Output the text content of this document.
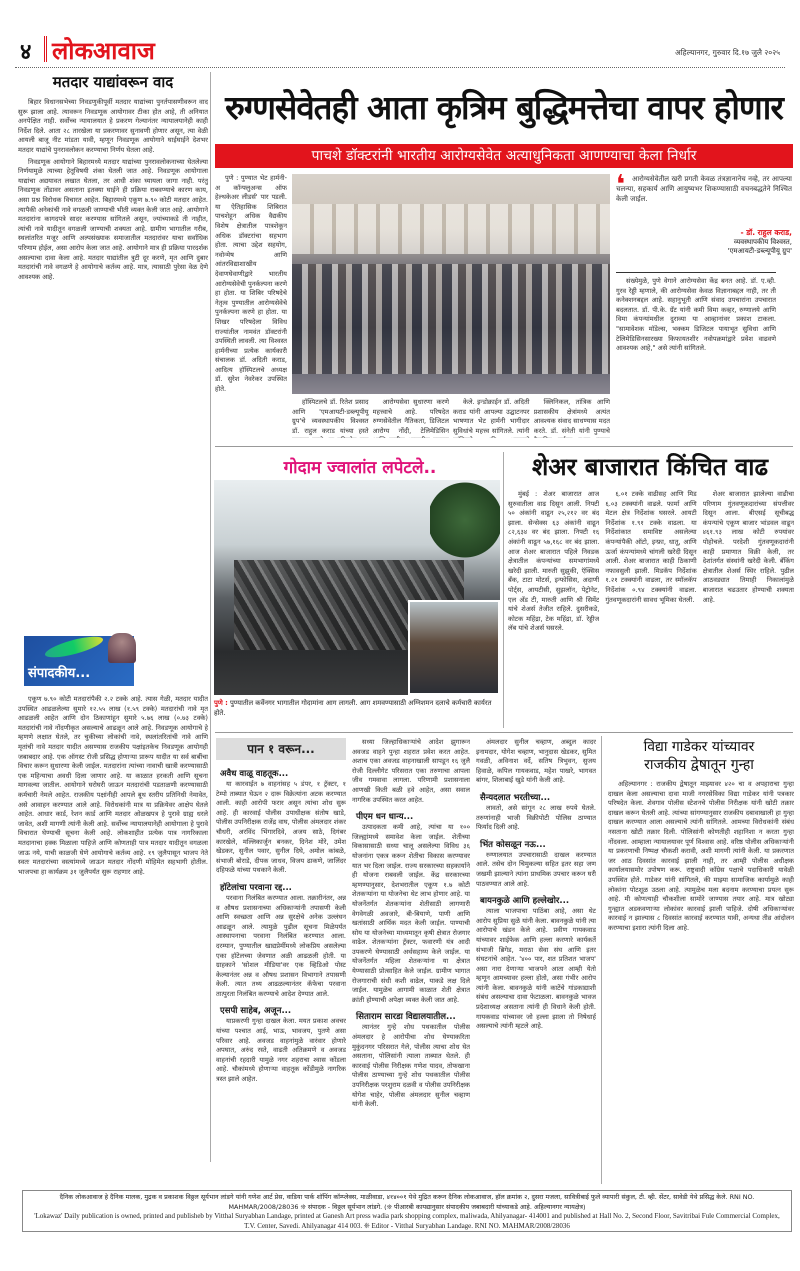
४ लोकआवाज	अहिल्यानगर, गुरुवार दि.१७ जुलै २०२५
मतदार याद्यांवरून वाद

बिहार विधानसभेच्या निवडणुकीपूर्वी मतदार याद्यांच्या पुनर्तपासणीवरून वाद सुरू झाला आहे. त्यावरून निवडणूक आयोगावर टीका होत आहे, ती अनियात अनपेक्षित नाही. सर्वोच्च न्यायालयात हे प्रकरण गेल्यानंतर न्यायालयानेही काही निर्देश दिले. आता २८ तारखेला या प्रकरणावर सुनावणी होणार असून, त्या वेळी आयली बाजू नीट मांडता यावी, म्हणून निवडणूक आयोगाने घाईघाईने देशभर मतदार याद्यांचे पुनरावलोकन करण्याचा निर्णय घेतला आहे.

निवडणूक आयोगाने बिहारमध्ये मतदार याद्यांच्या पुनरावलोकनाच्या घेतलेल्या निर्णयामुळे त्याच्या हेतूविषयी शंका घेतली जात आहे. निवडणूक आयोगाला याद्यांचा अद्ययावत लखात घेतला, तर आधी शंका घ्यायला जागा नाही. परंतु निवडणूक तोंडावर असताना इतक्या घाईने ही प्रक्रिया राबवण्याचे कारण काय, असा प्रश्न विरोधक विचारत आहेत. बिहारमध्ये एकूण ७.९० कोटी मतदार आहेत. त्यापैकी अनेकांची नावे वगळली जाण्याची भीती व्यक्त केली जात आहे. आयोगाने मतदारांना कागदपत्रे सादर करण्यास सांगितले असून, ज्यांच्याकडे ती नाहीत, त्यांची नावे यादीतून वगळली जाण्याची शक्यता आहे. ग्रामीण भागातील गरीब, स्थलांतरित मजूर आणि अल्पसंख्याक समाजातील मतदारांवर याचा सर्वाधिक परिणाम होईल, असा आरोप केला जात आहे. आयोगाने मात्र ही प्रक्रिया पारदर्शक असल्याचा दावा केला आहे. मतदार याद्यांतील त्रुटी दूर करणे, मृत आणि दुबार मतदारांची नावे वगळणे हे आयोगाचे कर्तव्य आहे. मात्र, त्यासाठी पुरेसा वेळ देणे आवश्यक आहे.

संपादकीय...

एकूण ७.९० कोटी मतदारांपैकी २.२ टक्के आहे. त्यास गेळी, मतदार यादीत उपस्थित आढळलेल्या सुमारे १२.५५ लाख (१.५९ टक्के) मतदारांची नावे मृत आढळली आहेत आणि दोन ठिकाणांहून सुमारे ५.७६ लाख (०.७३ टक्के) मतदारांची नावे नोंदणीकृत असल्याचे आढळून आले आहे. निवडणूक आयोगाचे हे म्हणणे लक्षात घेतले, तर चुकीच्या लोकांची नावे, स्थलांतरितांची नावे आणि मृतांची नावे मतदार यादीत असण्यास राजकीय पक्षांइतकेच निवडणूक आयोगही जबाबदार आहे. एक ऑगस्ट रोजी प्रसिद्ध होणाऱ्या प्रारूप यादीत या सर्व बाबींचा विचार करून सुधारणा केली जाईल. मतदारांना त्यांच्या नावाची खात्री करण्यासाठी एक महिन्याचा अवधी दिला जाणार आहे. या काळात हरकती आणि सूचना मागवल्या जातील. आयोगाने घरोघरी जाऊन मतदारांची पडताळणी करण्यासाठी कर्मचारी नेमले आहेत. राजकीय पक्षांनीही आपले बूथ स्तरीय प्रतिनिधी नेमावेत, असे आवाहन करण्यात आले आहे. विरोधकांनी मात्र या प्रक्रियेवर आक्षेप घेतले आहेत. आधार कार्ड, रेशन कार्ड आणि मतदार ओळखपत्र हे पुरावे ग्राह्य धरले जावेत, अशी मागणी त्यांनी केली आहे. सर्वोच्च न्यायालयानेही आयोगाला हे पुरावे विचारात घेण्याची सूचना केली आहे. लोकशाहीत प्रत्येक पात्र नागरिकाला मतदानाचा हक्क मिळाला पाहिजे आणि कोणताही पात्र मतदार यादीतून वगळला जाऊ नये, याची काळजी घेणे आयोगाचे कर्तव्य आहे. १९ जुलैपासून भाजप नेते स्वतः मतदारांच्या वस्त्यांमध्ये जाऊन मतदार नोंदणी मोहिमेत सहभागी होतील. भाजपचा हा कार्यक्रम ३१ जुलैपर्यंत सुरू राहणार आहे.

रुग्णसेवेतही आता कृत्रिम बुद्धिमत्तेचा वापर होणार
पाचशे डॉक्टरांनी भारतीय आरोग्यसेवेत अत्याधुनिकता आणण्याचा केला निर्धार

पुणे : पुण्यात भेट हार्मनी-अ कॉन्फ्लुअन्स ऑफ हेल्थकेअर लीडर्स' पार पडली. या ऐतिहासिक शिबिरात पाचशेहून अधिक वैद्यकीय विशेष क्षेत्रातील पात्रशेकून अधिक डॉक्टरांचा सहभाग होता. त्याचा उद्देश सहयोग, नवोन्मेष आणि आंतरविद्याशाखीय देवाणघेवाणीद्वारे भारतीय आरोग्यसेवेची पुनर्कल्पना करणे हा होता. या शिबिर परिषदेचे नेतृत्व पुण्यातील आरोग्यसेवेचे पुनर्कल्पना करणे हा होता. या शिखर परिषदेला विविध राज्यांतील नामवंत डॉक्टरांनी उपस्थिती लावली. त्या विश्वस्त हार्मनीच्या प्रत्येक कार्यकारी संचालक डॉ. अदिती कराड, आदित्य हॉस्पिटलचे अध्यक्ष डॉ. सुरेश नेवरेकर उपस्थित होते.

हॉस्पिटलचे डॉ. रितेश प्रसाद आणि 'एमआयटी-डब्ल्यूपीयू ग्रुप'चे व्यवस्थापकीय विश्वस्त डॉ. राहुल कराड यांच्या हस्ते

आरोग्यसेवा सुधारणा करणे महत्त्वाचे आहे. परिषदेत रुग्णसेवेतील नैतिकता, डिजिटल आरोग्य नोंदी, टेलिमेडिसिन

केले. इन्डोक्राईन डॉ. अदिती कराड यांनी आपल्या उद्घाटनपर भाषणात भेट हार्मनी भागीदार सुविधांचे महत्त्व सांगितले. त्यांनी

क्लिनिकल, तांत्रिक आणि प्रशासकीय क्षेत्रांमध्ये अत्यंत आवश्यक संवाद साधण्यास मदत करते. डॉ. संनेती यांनी पुण्याचे

❛ आरोग्यसेवेतील खरी प्रगती केवळ तंत्रज्ञानानेच नव्हे, तर आपल्या चलन्या, सहकार्य आणि आयुष्यभर शिकण्यासाठी वचनबद्धतेने निश्चित केली जाईल.
- डॉ. राहुल कराड,
व्यवस्थापकीय विश्वस्त,
'एमआयटी-डब्ल्यूपीयू ग्रुप'

संख्येमुळे, पुणे वेगाने आरोग्यसेवा केंद्र बनत आहे. डॉ. ए.व्ही. गुरव रेड्डी म्हणाले, की आरोग्यसेवा केवळ विज्ञानाबद्दल नाही, तर ती कनेक्शनबद्दल आहे. सहानुभूती आणि संवाद उपचारांना उपचारात बदलतात. डॉ. पी.के. ग्रँट यांनी कमी विमा कव्हर, रुग्णालये आणि विमा कंपन्यांमधील दुराव्या या आव्हानांवर प्रकाश टाकला. "सामावेशक मॉडेल्स, भक्कम डिजिटल पायाभूत सुविधा आणि टेलिमेडिसिनसारख्या किफायतशीर नवोपक्रमांद्वारे प्रवेश वाढवणे आवश्यक आहे," असे त्यांनी सांगितले.

गोदाम ज्वालांत लपेटले..
पुणे : पुण्यातील कर्वेनगर भागातील गोदामांना आग लागली. आग शमवण्यासाठी अग्निशमन दलाचे कर्मचारी कार्यरत होते.
शेअर बाजारात किंचित वाढ

मुंबई : शेअर बाजारात आज सुरुवातीला वाढ दिसून आली. निफ्टी ५० अंकांनी वाढून २५,२१२ वर बंद झाला. सेन्सेक्स ६३ अंकांनी वाढून ८२,६३४ वर बंद झाला. निफ्टी १६ अंकांनी वाढून ५७,१६८ वर बंद झाला. आज शेअर बाजारात पहिले निवडक क्षेत्रातील कंपन्यांच्या समभागांमध्ये खरेदी झाली. मारुती सुझुकी, ऍक्सिस बँक, टाटा मोटर्स, इन्फोसिस, अदाणी पोर्ट्स, आयटीसी, सुझलॉन, पेट्रोनेट, एल अँड टी, मारुती आणि श्री सिमेंट यांचे शेअर्स तेजीत राहिले. दुसरीकडे, कोटक महिंद्रा, टेक महिंद्रा, डॉ. रेड्डीज लॅब यांचे शेअर्स घसरले.

६.०१ टक्के वाढीसह आणि मिड ६.०३ टक्क्यांनी वाढले. फार्मा आणि मेटल क्षेत्र निर्देशांक घसरले. आयटी निर्देशांक १.९१ टक्के वाढला. या निर्देशांकात समाविष्ट असलेल्या कंपन्यांपैकी ऑटो, इन्फ्रा, धातू, आणि ऊर्जा कंपन्यांमध्ये चांगली खरेदी दिसून आली. शेअर बाजारात काही ठिकाणी नफावसुली झाली. मिडकॅप निर्देशांक १.२१ टक्क्यांनी वाढला, तर स्मॉलकॅप निर्देशांक ०.९४ टक्क्यांनी वाढला. गुंतवणूकदारांनी सावध भूमिका घेतली.

शेअर बाजारात झालेल्या वाढीचा परिणाम गुंतवणूकदारांच्या संपत्तीवर दिसून आला. बीएसई सूचीबद्ध कंपन्यांचे एकूण बाजार भांडवल वाढून ४६१.९३ लाख कोटी रुपयांवर पोहोचले. परदेशी गुंतवणूकदारांनी काही प्रमाणात विक्री केली, तर देशांतर्गत संस्थांनी खरेदी केली. बँकिंग क्षेत्रातील शेअर्स स्थिर राहिले. पुढील आठवड्यात तिमाही निकालांमुळे बाजारात चढउतार होण्याची शक्यता आहे.

पान १ वरून...
अवैध वाळू वाहतूक...

या कारवाईत ७ वाहनांसह ५ डंपर, १ ट्रॅक्टर, १ टेम्पो ताब्यात घेऊन २ दारू विक्रेत्यांना अटक करण्यात आली. काही आरोपी फरार असून त्यांचा शोध सुरू आहे. ही कारवाई पोलीस उपाधीक्षक संतोष खाडे, पोलीस उपनिरीक्षक राजेंद्र वाघ, पोलीस अंमलदार शंकर चौधरी, अरविंद भिंगारदिवे, अजय साठे, दिगंबर कारखेले, मल्लिकार्जुन बनकर, दिनेश मोरे, उमेश खेडकर, सुनील पवार, सुनील दिघे, अमोल कांबळे, संभाजी बोराडे, दीपक जाधव, विजय ढाकणे, जालिंदर दहिफळे यांच्या पथकाने केली.

हॉटेलांचा परवाना रद्द...

परवाना निलंबित करण्यात आला. तक्रारीनंतर, अन्न व औषध प्रशासनाच्या अधिकाऱ्यांनी तपासणी केली आणि स्वच्छता आणि अन्न सुरक्षेचे अनेक उल्लंघन आढळून आले. त्यामुळे पुढील सूचना मिळेपर्यंत आस्थापनाचा परवाना निलंबित करण्यात आला. दरम्यान, पुण्यातील खाद्यप्रेमींमध्ये लोकप्रिय असलेल्या एका हॉटेलच्या जेवणात अळी आढळली होती. या ग्राहकाने 'सोशल मीडिया'वर एक व्हिडिओ पोस्ट केल्यानंतर अन्न व औषध प्रशासन विभागाने तपासणी केली. त्यात तथ्य आढळल्यानंतर कॅफेचा परवाना तात्पुरता निलंबित करण्याचे आदेश देण्यात आले.

एसपी साहेब, अजून...

याप्रकरणी गुन्हा दाखल केला. मयत प्रकाश अवचर यांच्या पश्चात आई, भाऊ, भावजय, पुतणे असा परिवार आहे. अवजड वाहनांमुळे वारंवार होणारे अपघात, अरुंद रस्ते, वाढती अतिक्रमणे व अवजड वाहनांची रहदारी यामुळे नगर शहराचा श्वास कोंडला आहे. चौकांमध्ये होणाऱ्या वाहतूक कोंडीमुळे नागरिक त्रस्त झाले आहेत.

सध्या जिल्हाधिकाऱ्यांचे आदेश झुगारून अवजड वाहने पुन्हा शहरात प्रवेश करत आहेत. अशाच एका अवजड वाहनाखाली सापडून १६ जुलै रोजी दिल्लीगेट परिसरात एका तरुणाचा आपला जीव गमवावा लागला. परिणामी प्रशासनाला आणखी किती बळी हवे आहेत, असा सवाल नागरिक उपस्थित करत आहेत.

पीएम धन धान्य...

उत्पादकता कमी आहे, त्यांचा या १०० जिल्ह्यांमध्ये समावेश केला जाईल. शेतीच्या विकासासाठी सध्या चालू असलेल्या विविध ३६ योजनांना एकत्र करून शेतीचा विकास करण्यावर यात भर दिला जाईल. राज्य सरकारच्या सहकार्याने ही योजना राबवली जाईल. केंद्र सरकारच्या म्हणण्यानुसार, देशभरातील एकूण १.७ कोटी शेतकऱ्यांना या योजनेचा थेट लाभ होणार आहे. या योजनेंतर्गत शेतकऱ्यांना शेतीसाठी लागणारी वेगवेगळी अवजारे, बी-बियाणे, पाणी आणि खतांसाठी आर्थिक मदत केली जाईल. पाण्याची सोय या योजनेच्या माध्यमातून कृषी क्षेत्रात रोजगार वाढेल. शेतकऱ्यांना ट्रॅक्टर, फवारणी यंत्र आदी उपकरणे घेण्यासाठी अर्थसहाय्य केले जाईल. या योजनेंतर्गत महिला शेतकऱ्यांना या क्षेत्रात येण्यासाठी प्रोत्साहित केले जाईल. ग्रामीण भागात रोजगाराची संधी कशी वाढेल, याकडे लक्ष दिले जाईल. यामुळेच आगामी काळात शेती क्षेत्रात क्रांती होण्याची अपेक्षा व्यक्त केली जात आहे.

सिताराम सारडा विद्यालयातील...

त्यानंतर गुन्हे शोध पथकातील पोलीस अंमलदार हे आरोपीचा शोध घेण्याकरिता मुकुंदनगर परिसरात गेले, पोलीस त्याचा शोध घेत असताना, पोलिसांनी त्याला ताब्यात घेतले. ही कारवाई पोलीस निरीक्षक गणेश यादव, तोफखाना पोलीस ठाण्याच्या गुन्हे शोध पथकातील पोलीस उपनिरीक्षक परशुराम दळवी व पोलीस उपनिरीक्षक योगेश चाहेर, पोलीस अंमलदार सुनील चव्हाण यांनी केली.

अंमलदार सुनील चव्हाण, अब्दुल कादर इनामदार, योगेश चव्हाण, भानुदास खेडकर, सुमित गवळी, अविनाश वर्दे, सतिष त्रिभुवन, सुजय हिवाळे, कपिल गायकवाड, महेश पाखरे, भागवत बांगर, शिलाबाई खुडे यांनी केली आहे.

सैन्यदलात भरतीच्या...

लावतो, असे सांगून २८ लाख रुपये घेतले. तरुणांनाही भाजी विक्रीपोटी पोलिस ठाण्यात फिर्याद दिली आहे.

भिंत कोसळून नऊ...

रुग्णालयात उपचारासाठी दाखल करण्यात आले. तसेच दोन चिमुकल्या सहित इतर सहा जण जखमी झाल्याने त्यांना प्राथमिक उपचार करून घरी पाठवण्यात आले आहे.

बायनकुळे आणि हल्लेखोर...

त्याला भाजपाचा पाठिंबा आहे, असा थेट आरोप सुप्रिया सुळे यांनी केला. बावनकुळे यांनी त्या आरोपाचे खंडन केले आहे. प्रवीण गायकवाड यांच्यावर शाईफेक आणि हल्ला करणारे कार्यकर्ते संभाजी ब्रिगेड, मराठा सेवा संघ आणि इतर संघटनांचे आहेत. '४०० पार, शत प्रतिशत भाजप' असा नारा देणाऱ्या भाजपने आता आम्ही येतो म्हणून आमच्यावर हल्ला होतो, असा गंभीर आरोप त्यांनी केला. बावनकुळे यांनी काटेंचे गांडकाद्याशी संबंध असल्याचा दावा फेटाळला. बावनकुळे भावज प्रदेशाध्यक्ष असताना त्यांनी ही विधाने केली होती. गायकवाड यांच्यावर जो हल्ला झाला तो निषेधार्ह असल्याचे त्यांनी म्हटले आहे.

विद्या गाडेकर यांच्यावर
राजकीय द्वेषातून गुन्हा

अहिल्यानगर : राजकीय द्वेषातून माझ्यावर ४२० चा व अपहाराचा गुन्हा दाखल केला असल्याचा दावा माजी नगरसेविका विद्या गाडेकर यांनी पत्रकार परिषदेत केला. शेवगाव पोलीस स्टेशनचे पोलीस निरीक्षक यांनी खोटी तक्रार दाखल करून घेतली आहे. त्यांच्या सांगण्यानुसार राजकीय दबावाखाली हा गुन्हा दाखल करण्यात आला असल्याचे त्यांनी सांगितले. आमच्या विरोधकांनी संबंध नसताना खोटी तक्रार दिली. पोलिसांनी कोणतीही शहानिशा न करता गुन्हा नोंदवला. आम्हाला न्यायालयावर पूर्ण विश्वास आहे. वरिष्ठ पोलीस अधिकाऱ्यांनी या प्रकरणाची निष्पक्ष चौकशी करावी, अशी मागणी त्यांनी केली. या प्रकरणात जर आठ दिवसांत कारवाई झाली नाही, तर आम्ही पोलीस अधीक्षक कार्यालयासमोर उपोषण करू. राष्ट्रवादी काँग्रेस पक्षाचे पदाधिकारी यावेळी उपस्थित होते. गाडेकर यांनी सांगितले, की माझ्या सामाजिक कार्यामुळे काही लोकांना पोटशूळ उठला आहे. त्यामुळेच मला बदनाम करण्याचा प्रयत्न सुरू आहे. मी कोणत्याही चौकशीला सामोरे जाण्यास तयार आहे. मात्र खोट्या गुन्ह्यात अडकवणाऱ्या लोकांवर कारवाई झाली पाहिजे. दोषी अधिकाऱ्यांवर कारवाई न झाल्यास ८ दिवसांत कारवाई करण्यात यावी, अन्यथा तीव्र आंदोलन करण्याचा इशारा त्यांनी दिला आहे.

दैनिक लोकआवाज हे दैनिक मालक, मुद्रक व प्रकाशक विठ्ठल सूर्यभान लांडगे यांनी गणेश आर्ट प्रेस, वाडिया पार्क शॉपिंग कॉम्प्लेक्स, माळीवाडा, ४१४००१ येथे मुद्रित करून दैनिक लोकआवाज, हॉल क्रमांक २, दुसरा मजला, सावित्रीबाई फुले व्यापारी संकुल, टी. व्ही. सेंटर, सावेडी येथे प्रसिद्ध केले. RNI NO. MAHMAR/2008/28036 ❊ संपादक - विठ्ठल सूर्यभान लांडगे. (❊ पीआरबी कायद्यानुसार संपादकीय जबाबदारी यांच्याकडे आहे. अहिल्यानगर न्यायक्षेत्र)
'Lokawaz' Daily publication is owned, printed and publisheb by Vitthal Suryabhan Landage, printed at Ganesh Art press wadia park shopping complex, maliwada, Ahilyanagar- 414001 and published at Hall No. 2, Second Floor, Savitribai Fule Commercial Complex, T.V. Center, Savedi. Ahilyanagar 414 003. ❊ Editor - Vitthal Suryabhan Landage. RNI NO. MAHMAR/2008/28036
